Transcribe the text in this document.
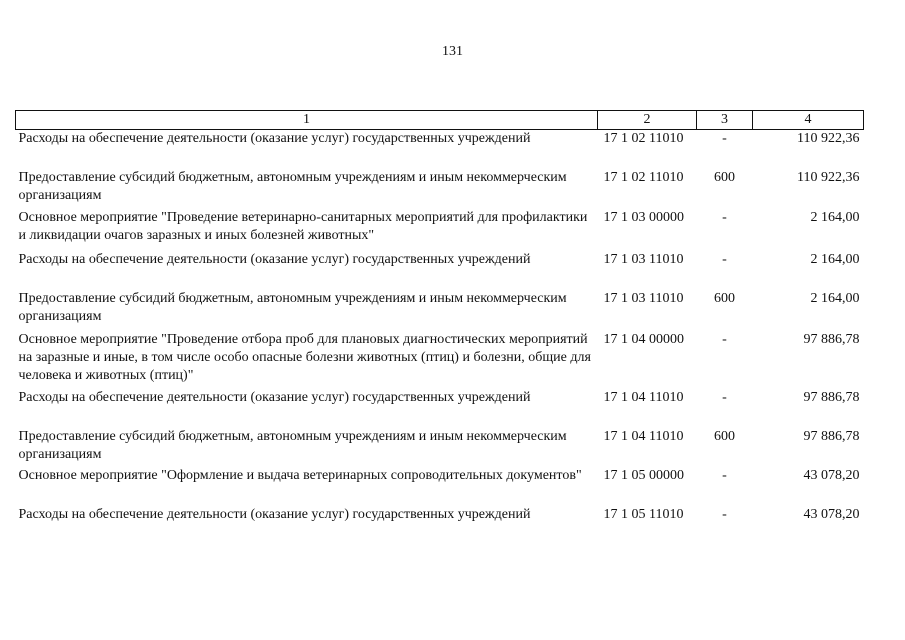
131
1	2	3	4
Расходы на обеспечение деятельности (оказание услуг) государственных учреждений	17 1 02 11010	-	110 922,36
Предоставление субсидий бюджетным, автономным учреждениям и иным некоммерческим организациям	17 1 02 11010	600	110 922,36
Основное мероприятие "Проведение ветеринарно-санитарных мероприятий для профилактики и ликвидации очагов заразных и иных болезней животных"	17 1 03 00000	-	2 164,00
Расходы на обеспечение деятельности (оказание услуг) государственных учреждений	17 1 03 11010	-	2 164,00
Предоставление субсидий бюджетным, автономным учреждениям и иным некоммерческим организациям	17 1 03 11010	600	2 164,00
Основное мероприятие "Проведение отбора проб для плановых диагностических мероприятий на заразные и иные, в том числе особо опасные болезни животных (птиц) и болезни, общие для человека и животных (птиц)"	17 1 04 00000	-	97 886,78
Расходы на обеспечение деятельности (оказание услуг) государственных учреждений	17 1 04 11010	-	97 886,78
Предоставление субсидий бюджетным, автономным учреждениям и иным некоммерческим организациям	17 1 04 11010	600	97 886,78
Основное мероприятие "Оформление и выдача ветеринарных сопроводительных документов"	17 1 05 00000	-	43 078,20
Расходы на обеспечение деятельности (оказание услуг) государственных учреждений	17 1 05 11010	-	43 078,20
